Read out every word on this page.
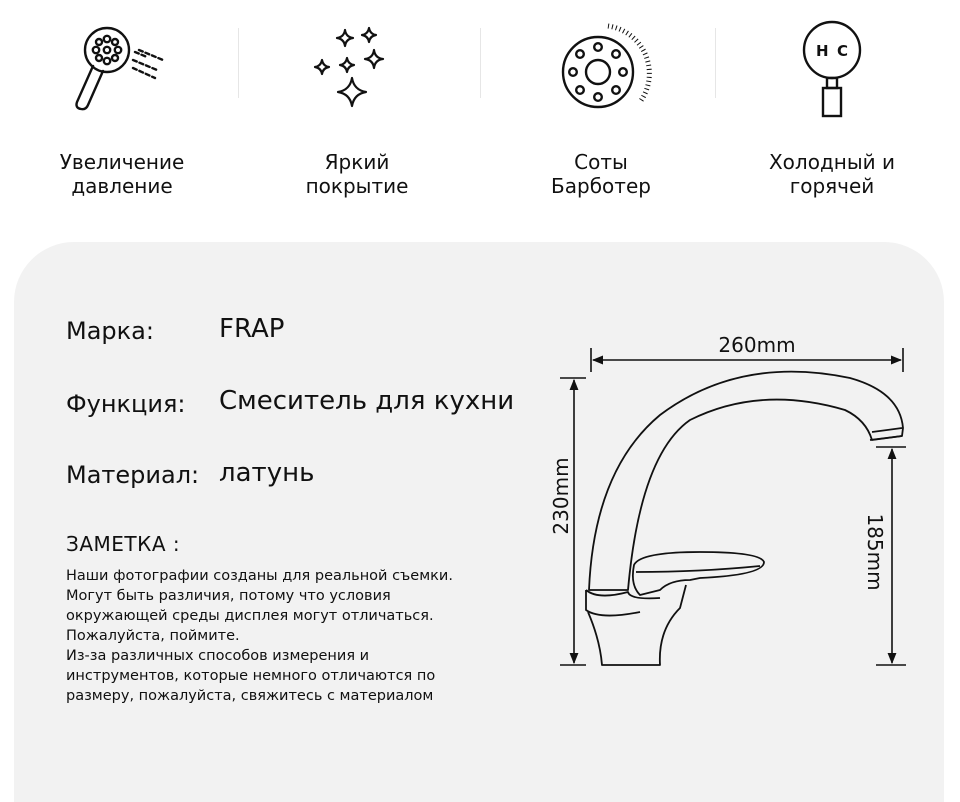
Увеличение
давление
Яркий
покрытие
Соты
Барботер
H C
Холодный и
горячей
Марка:	FRAP
Функция: Смеситель для кухни
Материал: латунь
ЗАМЕТКА :
Наши фотографии созданы для реальной съемки.
Могут быть различия, потому что условия
окружающей среды дисплея могут отличаться.
Пожалуйста, поймите.
Из-за различных способов измерения и
инструментов, которые немного отличаются по
размеру, пожалуйста, свяжитесь с материалом
260mm
230mm
185mm
